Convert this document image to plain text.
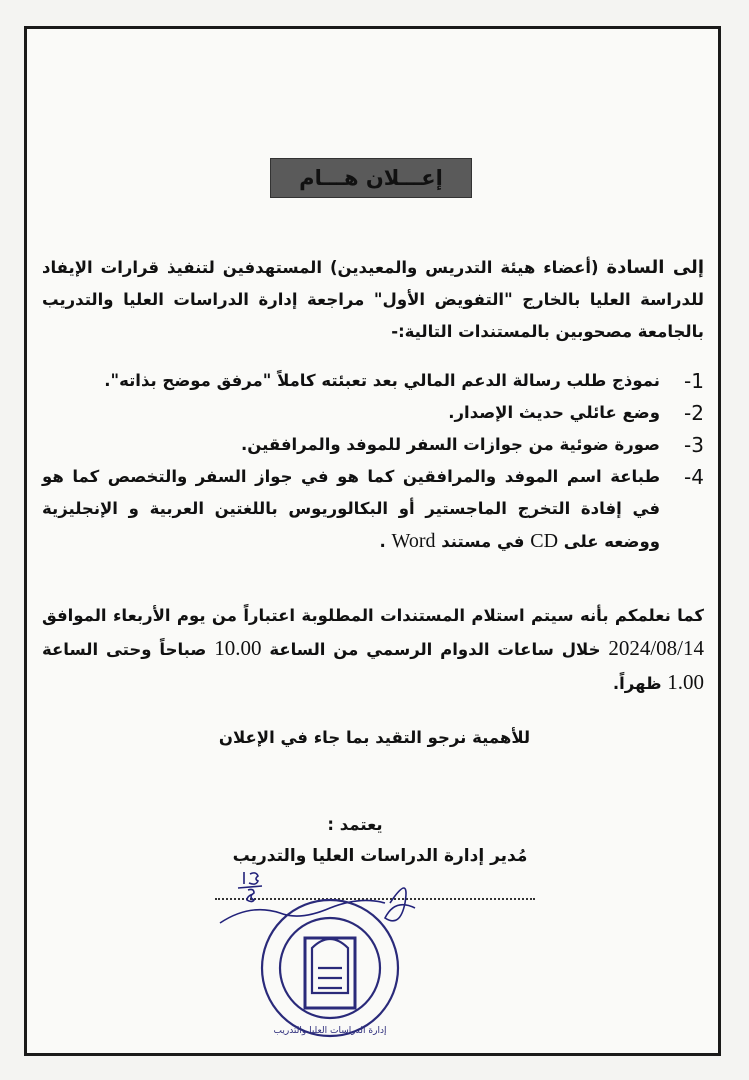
إعـــلان هـــام
إلى السادة (أعضاء هيئة التدريس والمعيدين) المستهدفين لتنفيذ قرارات الإيفاد للدراسة العليا بالخارج "التفويض الأول" مراجعة إدارة الدراسات العليا والتدريب بالجامعة مصحوبين بالمستندات التالية:-
-1
نموذج طلب رسالة الدعم المالي بعد تعبئته كاملاً "مرفق موضح بذاته".
-2
وضع عائلي حديث الإصدار.
-3
صورة ضوئية من جوازات السفر للموفد والمرافقين.
-4
طباعة اسم الموفد والمرافقين كما هو في جواز السفر والتخصص كما هو في إفادة التخرج الماجستير أو البكالوريوس باللغتين العربية و الإنجليزية ووضعه على CD في مستند Word .
كما نعلمكم بأنه سيتم استلام المستندات المطلوبة اعتباراً من يوم الأربعاء الموافق 2024/08/14 خلال ساعات الدوام الرسمي من الساعة 10.00 صباحاً وحتى الساعة 1.00 ظهراً.
للأهمية نرجو التقيد بما جاء في الإعلان
يعتمد :
مُدير إدارة الدراسات العليا والتدريب
إدارة الدراسات العليا والتدريب
